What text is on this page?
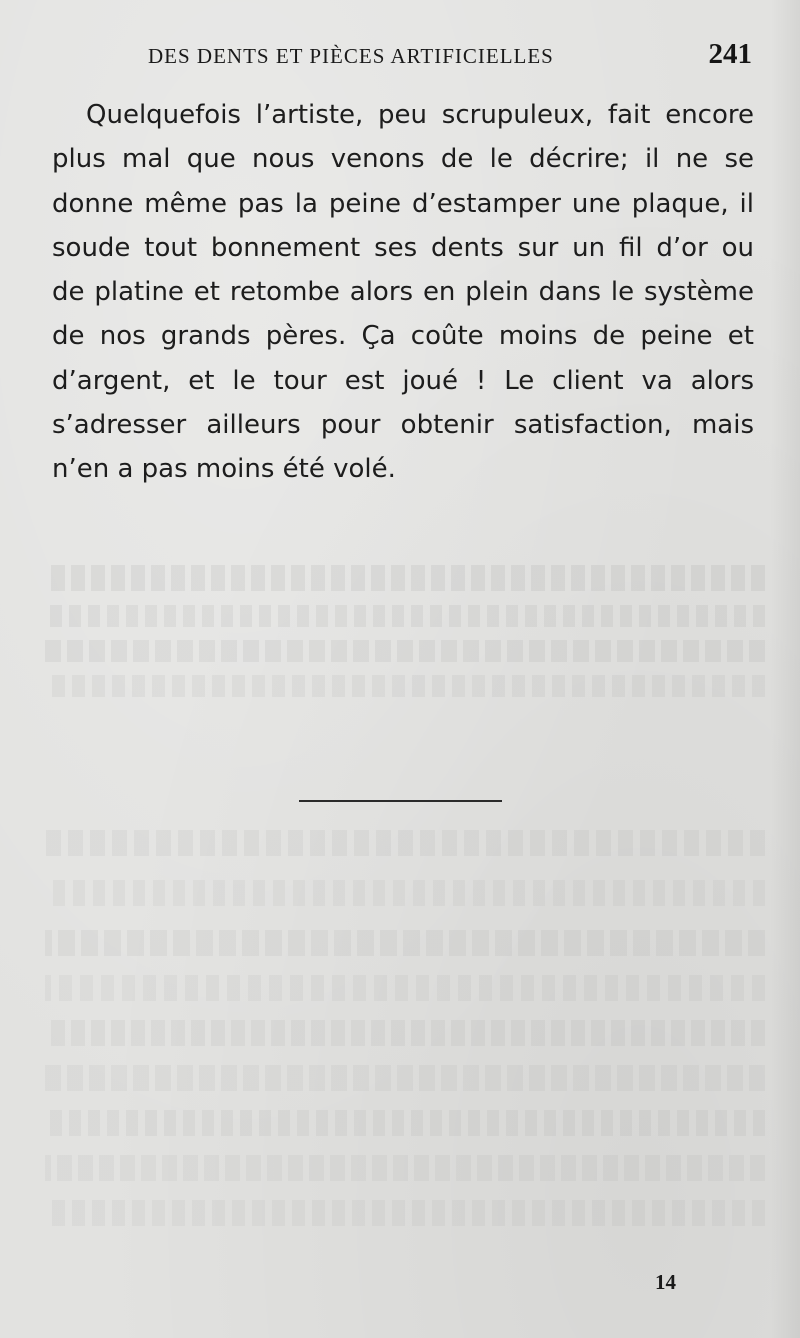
DES DENTS ET PIÈCES ARTIFICIELLES	241
Quelquefois l’artiste, peu scrupuleux, fait encore
plus mal que nous venons de le décrire; il ne se
donne même pas la peine d’estamper une plaque, il
soude tout bonnement ses dents sur un fil d’or ou
de platine et retombe alors en plein dans le système
de nos grands pères. Ça coûte moins de peine et
d’argent, et le tour est joué ! Le client va alors
s’adresser ailleurs pour obtenir satisfaction, mais
n’en a pas moins été volé.
14
